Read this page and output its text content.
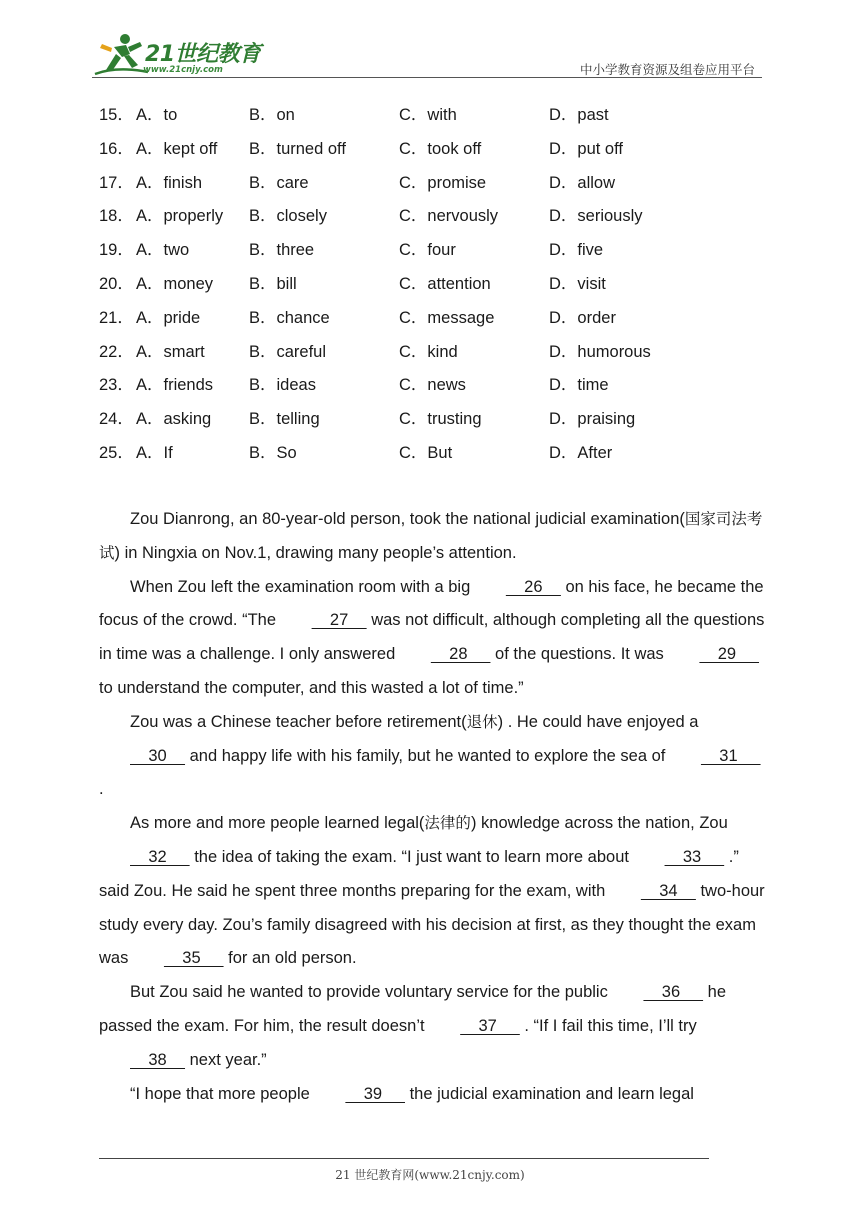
21世纪教育
www.21cnjy.com	中小学教育资源及组卷应用平台
15． A．to	B．on	C．with	D．past
16． A．kept off B．turned off	C．took off	D．put off
17． A．finish	B．care	C．promise	D．allow
18． A．properly B．closely	C．nervously	D．seriously
19． A．two	B．three	C．four	D．five
20． A．money B．bill	C．attention	D．visit
21． A．pride	B．chance	C．message	D．order
22． A．smart	B．careful	C．kind	D．humorous
23． A．friends B．ideas	C．news	D．time
24． A．asking B．telling	C．trusting	D．praising
25． A．If	B．So	C．But	D．After

Zou Dianrong, an 80-year-old person, took the national judicial examination(国家司法考试) in Ningxia on Nov.1, drawing many people’s attention.

When Zou left the examination room with a big     26     on his face, he became the focus of the crowd. “The     27     was not difficult, although completing all the questions in time was a challenge. I only answered     28      of the questions. It was     29      to understand the computer, and this wasted a lot of time.”

Zou was a Chinese teacher before retirement(退休) . He could have enjoyed a     30     and happy life with his family, but he wanted to explore the sea of     31      .

As more and more people learned legal(法律的) knowledge across the nation, Zou     32      the idea of taking the exam. “I just want to learn more about     33      .” said Zou. He said he spent three months preparing for the exam, with     34     two-hour study every day. Zou’s family disagreed with his decision at first, as they thought the exam was     35      for an old person.

But Zou said he wanted to provide voluntary service for the public     36      he passed the exam. For him, the result doesn’t     37      . “If I fail this time, I’ll try     38     next year.”

“I hope that more people     39      the judicial examination and learn legal

21 世纪教育网(www.21cnjy.com)
